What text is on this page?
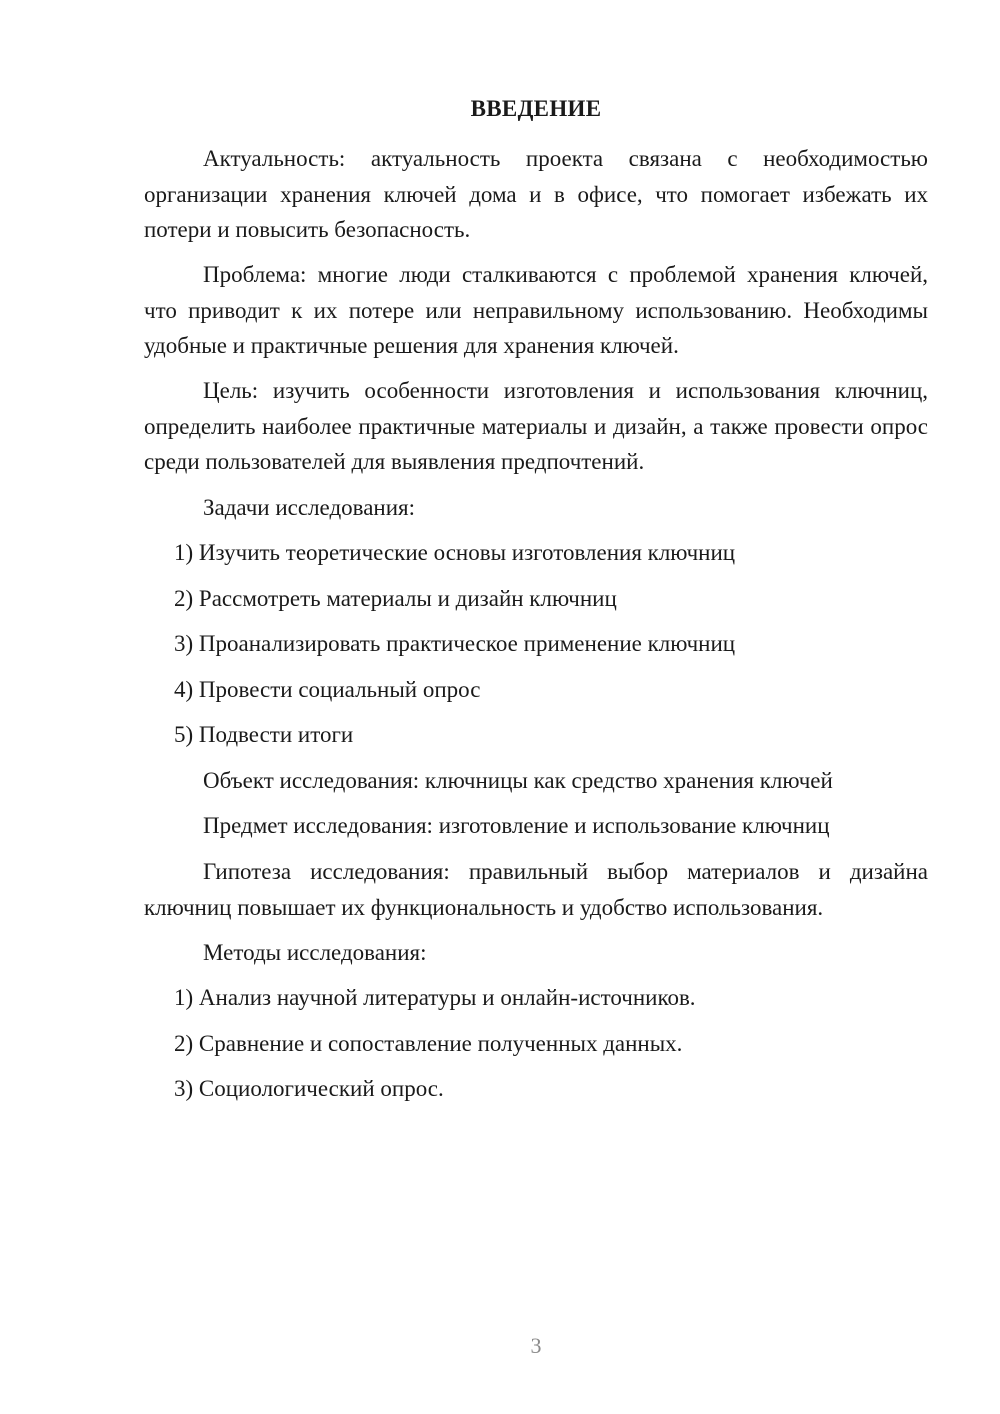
ВВЕДЕНИЕ

Актуальность: актуальность проекта связана с необходимостью организации хранения ключей дома и в офисе, что помогает избежать их потери и повысить безопасность.

Проблема: многие люди сталкиваются с проблемой хранения ключей, что приводит к их потере или неправильному использованию. Необходимы удобные и практичные решения для хранения ключей.

Цель: изучить особенности изготовления и использования ключниц, определить наиболее практичные материалы и дизайн, а также провести опрос среди пользователей для выявления предпочтений.

Задачи исследования:

1) Изучить теоретические основы изготовления ключниц

2) Рассмотреть материалы и дизайн ключниц

3) Проанализировать практическое применение ключниц

4) Провести социальный опрос

5) Подвести итоги

Объект исследования: ключницы как средство хранения ключей

Предмет исследования: изготовление и использование ключниц

Гипотеза исследования: правильный выбор материалов и дизайна ключниц повышает их функциональность и удобство использования.

Методы исследования:

1) Анализ научной литературы и онлайн-источников.

2) Сравнение и сопоставление полученных данных.

3) Социологический опрос.

3
